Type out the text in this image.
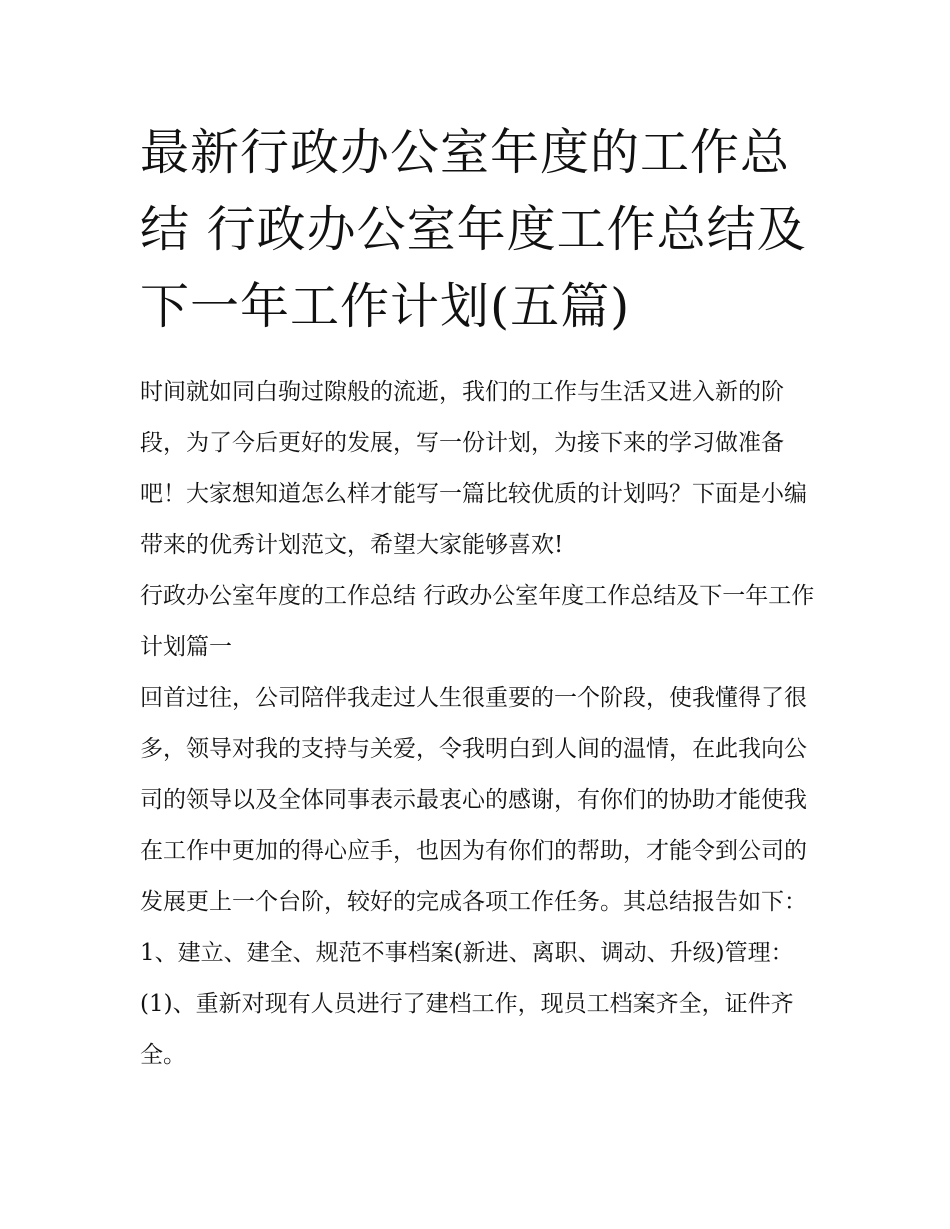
最新行政办公室年度的工作总结 行政办公室年度工作总结及下一年工作计划(五篇)

时间就如同白驹过隙般的流逝，我们的工作与生活又进入新的阶段，为了今后更好的发展，写一份计划，为接下来的学习做准备吧！大家想知道怎么样才能写一篇比较优质的计划吗？下面是小编带来的优秀计划范文，希望大家能够喜欢!

行政办公室年度的工作总结 行政办公室年度工作总结及下一年工作计划篇一

回首过往，公司陪伴我走过人生很重要的一个阶段，使我懂得了很多，领导对我的支持与关爱，令我明白到人间的温情，在此我向公司的领导以及全体同事表示最衷心的感谢，有你们的协助才能使我在工作中更加的得心应手，也因为有你们的帮助，才能令到公司的发展更上一个台阶，较好的完成各项工作任务。其总结报告如下：

1、建立、建全、规范不事档案(新进、离职、调动、升级)管理： (1)、重新对现有人员进行了建档工作，现员工档案齐全，证件齐全。
